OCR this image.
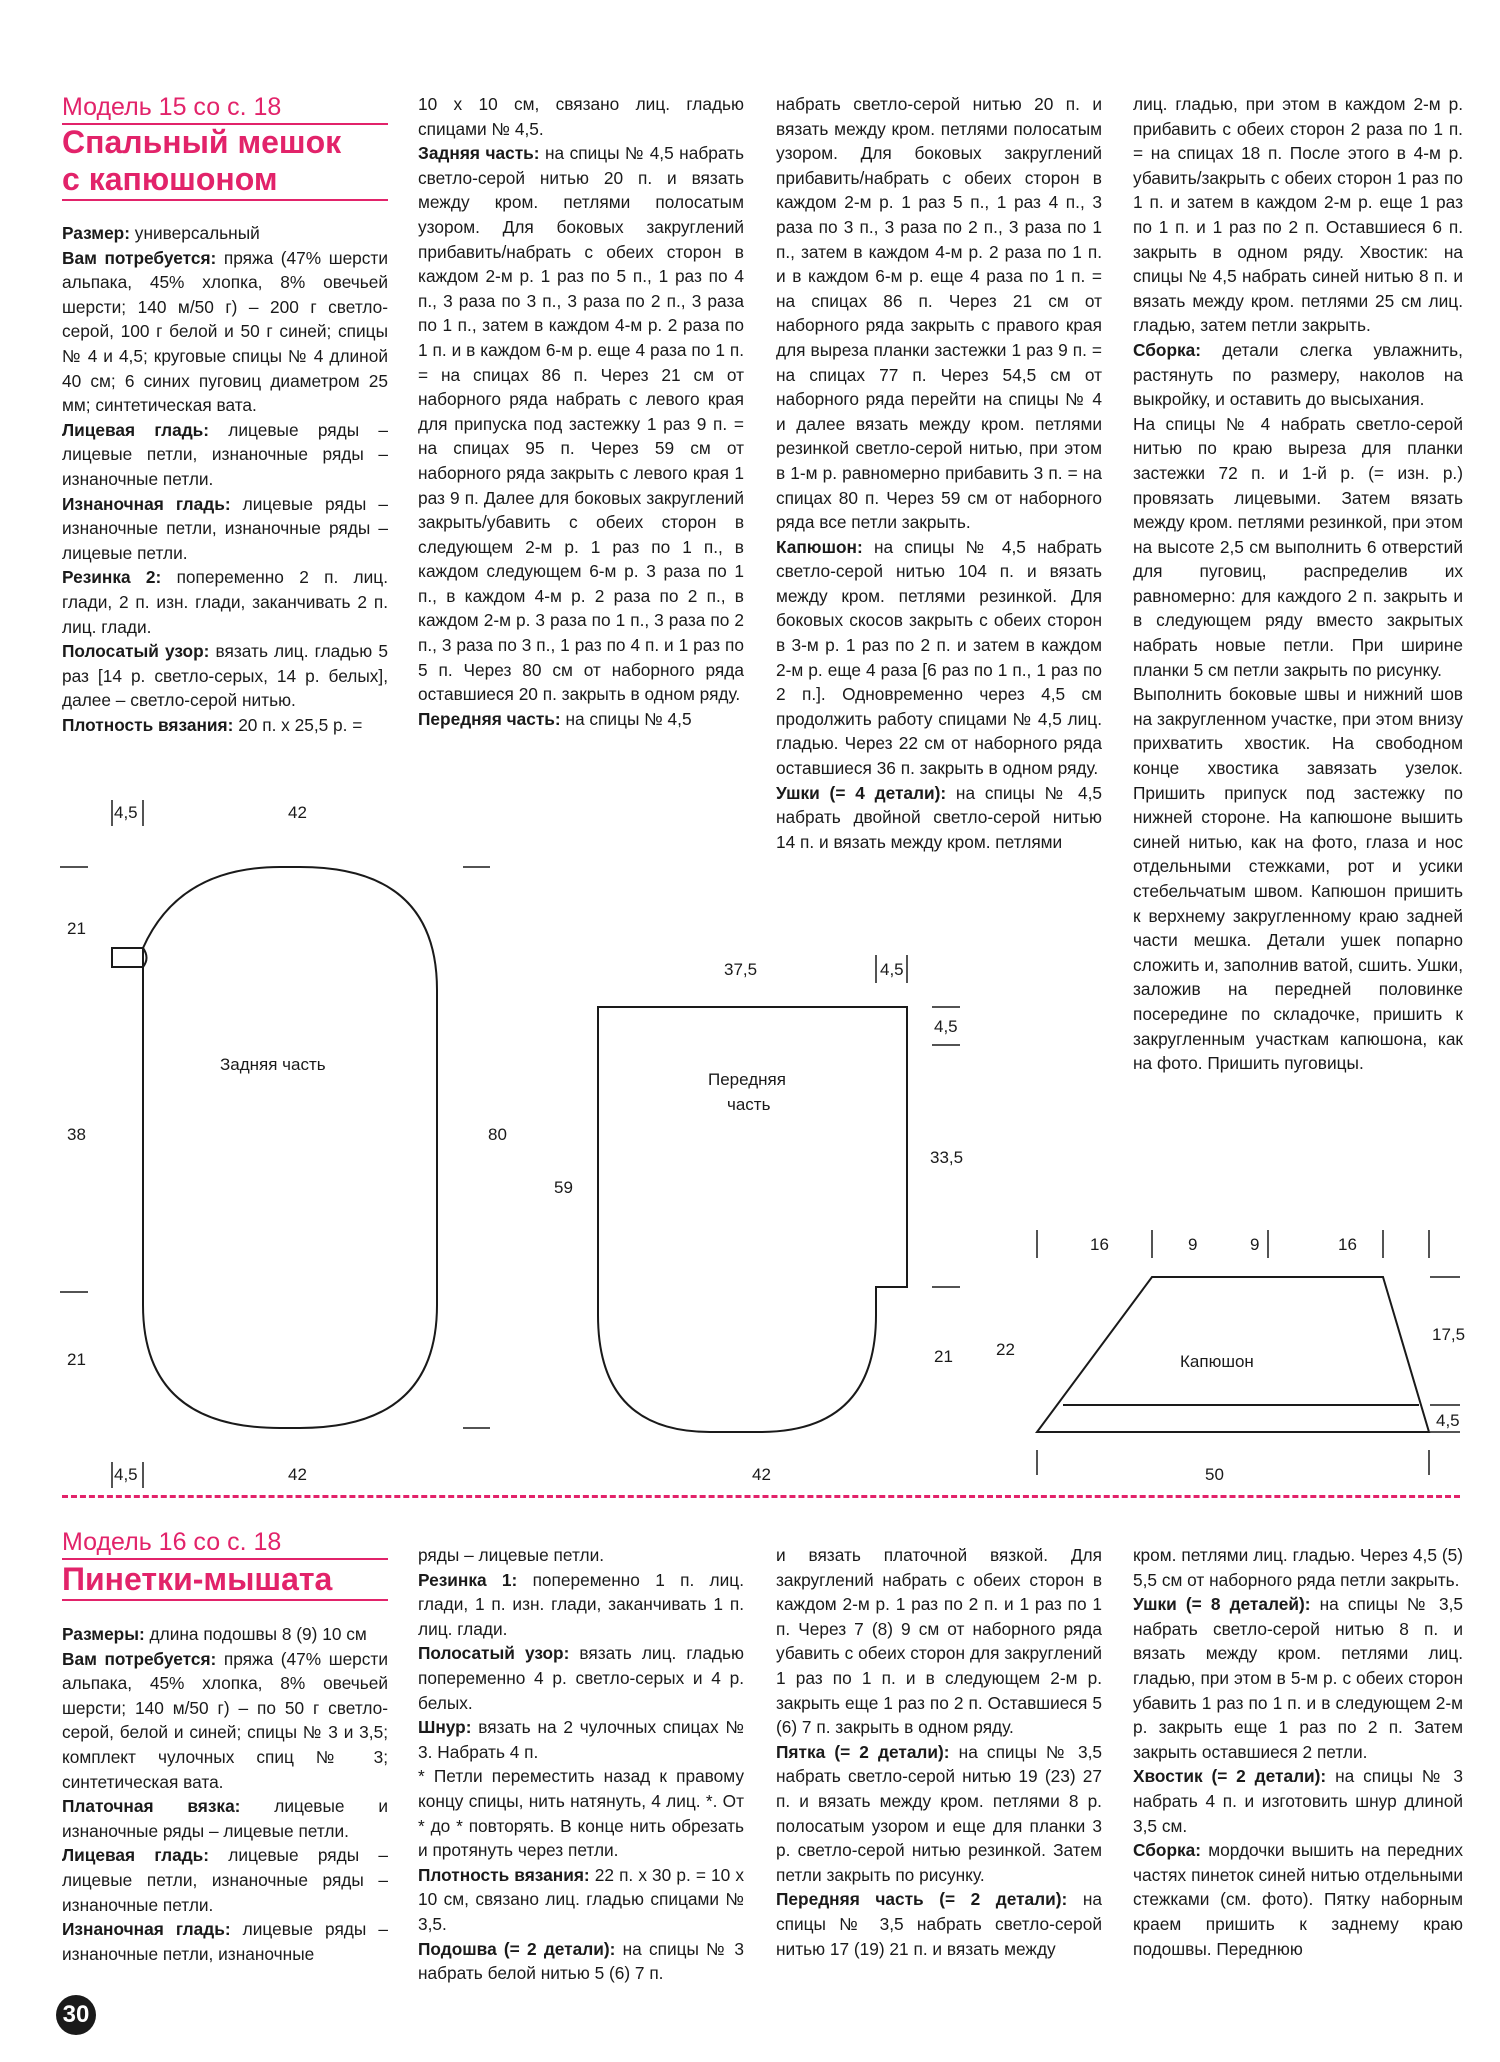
Модель 15 со с. 18
Спальный мешок
с капюшоном

Размер: универсальный

Вам потребуется: пряжа (47% шерсти альпака, 45% хлопка, 8% овечьей шерсти; 140 м/50 г) – 200 г светло-серой, 100 г белой и 50 г синей; спицы № 4 и 4,5; круговые спицы № 4 длиной 40 см; 6 синих пуговиц диаметром 25 мм; синтетическая вата.

Лицевая гладь: лицевые ряды – лицевые петли, изнаночные ряды – изнаночные петли.

Изнаночная гладь: лицевые ряды – изнаночные петли, изнаночные ряды – лицевые петли.

Резинка 2: попеременно 2 п. лиц. глади, 2 п. изн. глади, заканчивать 2 п. лиц. глади.

Полосатый узор: вязать лиц. гладью 5 раз [14 р. светло-серых, 14 р. белых], далее – светло-серой нитью.

Плотность вязания: 20 п. х 25,5 р. =

10 х 10 см, связано лиц. гладью спицами № 4,5.

Задняя часть: на спицы № 4,5 набрать светло-серой нитью 20 п. и вязать между кром. петлями полосатым узором. Для боковых закруглений прибавить/набрать с обеих сторон в каждом 2-м р. 1 раз по 5 п., 1 раз по 4 п., 3 раза по 3 п., 3 раза по 2 п., 3 раза по 1 п., затем в каждом 4-м р. 2 раза по 1 п. и в каждом 6-м р. еще 4 раза по 1 п. = на спицах 86 п. Через 21 см от наборного ряда набрать с левого края для припуска под застежку 1 раз 9 п. = на спицах 95 п. Через 59 см от наборного ряда закрыть с левого края 1 раз 9 п. Далее для боковых закруглений закрыть/убавить с обеих сторон в следующем 2-м р. 1 раз по 1 п., в каждом следующем 6-м р. 3 раза по 1 п., в каждом 4-м р. 2 раза по 2 п., в каждом 2-м р. 3 раза по 1 п., 3 раза по 2 п., 3 раза по 3 п., 1 раз по 4 п. и 1 раз по 5 п. Через 80 см от наборного ряда оставшиеся 20 п. закрыть в одном ряду.

Передняя часть: на спицы № 4,5

набрать светло-серой нитью 20 п. и вязать между кром. петлями полосатым узором. Для боковых закруглений прибавить/набрать с обеих сторон в каждом 2-м р. 1 раз 5 п., 1 раз 4 п., 3 раза по 3 п., 3 раза по 2 п., 3 раза по 1 п., затем в каждом 4-м р. 2 раза по 1 п. и в каждом 6-м р. еще 4 раза по 1 п. = на спицах 86 п. Через 21 см от наборного ряда закрыть с правого края для выреза планки застежки 1 раз 9 п. = на спицах 77 п. Через 54,5 см от наборного ряда перейти на спицы № 4 и далее вязать между кром. петлями резинкой светло-серой нитью, при этом в 1-м р. равномерно прибавить 3 п. = на спицах 80 п. Через 59 см от наборного ряда все петли закрыть.

Капюшон: на спицы № 4,5 набрать светло-серой нитью 104 п. и вязать между кром. петлями резинкой. Для боковых скосов закрыть с обеих сторон в 3-м р. 1 раз по 2 п. и затем в каждом 2-м р. еще 4 раза [6 раз по 1 п., 1 раз по 2 п.]. Одновременно через 4,5 см продолжить работу спицами № 4,5 лиц. гладью. Через 22 см от наборного ряда оставшиеся 36 п. закрыть в одном ряду.

Ушки (= 4 детали): на спицы № 4,5 набрать двойной светло-серой нитью 14 п. и вязать между кром. петлями

лиц. гладью, при этом в каждом 2-м р. прибавить с обеих сторон 2 раза по 1 п. = на спицах 18 п. После этого в 4-м р. убавить/закрыть с обеих сторон 1 раз по 1 п. и затем в каждом 2-м р. еще 1 раз по 1 п. и 1 раз по 2 п. Оставшиеся 6 п. закрыть в одном ряду. Хвостик: на спицы № 4,5 набрать синей нитью 8 п. и вязать между кром. петлями 25 см лиц. гладью, затем петли закрыть.

Сборка: детали слегка увлажнить, растянуть по размеру, наколов на выкройку, и оставить до высыхания.

На спицы № 4 набрать светло-серой нитью по краю выреза для планки застежки 72 п. и 1-й р. (= изн. р.) провязать лицевыми. Затем вязать между кром. петлями резинкой, при этом на высоте 2,5 см выполнить 6 отверстий для пуговиц, распределив их равномерно: для каждого 2 п. закрыть и в следующем ряду вместо закрытых набрать новые петли. При ширине планки 5 см петли закрыть по рисунку.

Выполнить боковые швы и нижний шов на закругленном участке, при этом внизу прихватить хвостик. На свободном конце хвостика завязать узелок. Пришить припуск под застежку по нижней стороне. На капюшоне вышить синей нитью, как на фото, глаза и нос отдельными стежками, рот и усики стебельчатым швом. Капюшон пришить к верхнему закругленному краю задней части мешка. Детали ушек попарно сложить и, заполнив ватой, сшить. Ушки, заложив на передней половинке посередине по складочке, пришить к закругленным участкам капюшона, как на фото. Пришить пуговицы.

4,5	42
21
38
21
80
Задняя часть
4,5	42
37,5	4,5
4,5
33,5
21
59
Передняя
часть
42
16	9	9	16
22
17,5
4,5
Капюшон
50
Модель 16 со с. 18
Пинетки-мышата

Размеры: длина подошвы 8 (9) 10 см

Вам потребуется: пряжа (47% шерсти альпака, 45% хлопка, 8% овечьей шерсти; 140 м/50 г) – по 50 г светло-серой, белой и синей; спицы № 3 и 3,5; комплект чулочных спиц № 3; синтетическая вата.

Платочная вязка: лицевые и изнаночные ряды – лицевые петли.

Лицевая гладь: лицевые ряды – лицевые петли, изнаночные ряды – изнаночные петли.

Изнаночная гладь: лицевые ряды – изнаночные петли, изнаночные

ряды – лицевые петли.

Резинка 1: попеременно 1 п. лиц. глади, 1 п. изн. глади, заканчивать 1 п. лиц. глади.

Полосатый узор: вязать лиц. гладью попеременно 4 р. светло-серых и 4 р. белых.

Шнур: вязать на 2 чулочных спицах № 3. Набрать 4 п.

* Петли переместить назад к правому концу спицы, нить натянуть, 4 лиц. *. От * до * повторять. В конце нить обрезать и протянуть через петли.

Плотность вязания: 22 п. х 30 р. = 10 х 10 см, связано лиц. гладью спицами № 3,5.

Подошва (= 2 детали): на спицы № 3 набрать белой нитью 5 (6) 7 п.

и вязать платочной вязкой. Для закруглений набрать с обеих сторон в каждом 2-м р. 1 раз по 2 п. и 1 раз по 1 п. Через 7 (8) 9 см от наборного ряда убавить с обеих сторон для закруглений 1 раз по 1 п. и в следующем 2-м р. закрыть еще 1 раз по 2 п. Оставшиеся 5 (6) 7 п. закрыть в одном ряду.

Пятка (= 2 детали): на спицы № 3,5 набрать светло-серой нитью 19 (23) 27 п. и вязать между кром. петлями 8 р. полосатым узором и еще для планки 3 р. светло-серой нитью резинкой. Затем петли закрыть по рисунку.

Передняя часть (= 2 детали): на спицы № 3,5 набрать светло-серой нитью 17 (19) 21 п. и вязать между

кром. петлями лиц. гладью. Через 4,5 (5) 5,5 см от наборного ряда петли закрыть.

Ушки (= 8 деталей): на спицы № 3,5 набрать светло-серой нитью 8 п. и вязать между кром. петлями лиц. гладью, при этом в 5-м р. с обеих сторон убавить 1 раз по 1 п. и в следующем 2-м р. закрыть еще 1 раз по 2 п. Затем закрыть оставшиеся 2 петли.

Хвостик (= 2 детали): на спицы № 3 набрать 4 п. и изготовить шнур длиной 3,5 см.

Сборка: мордочки вышить на передних частях пинеток синей нитью отдельными стежками (см. фото). Пятку наборным краем пришить к заднему краю подошвы. Переднюю

30
